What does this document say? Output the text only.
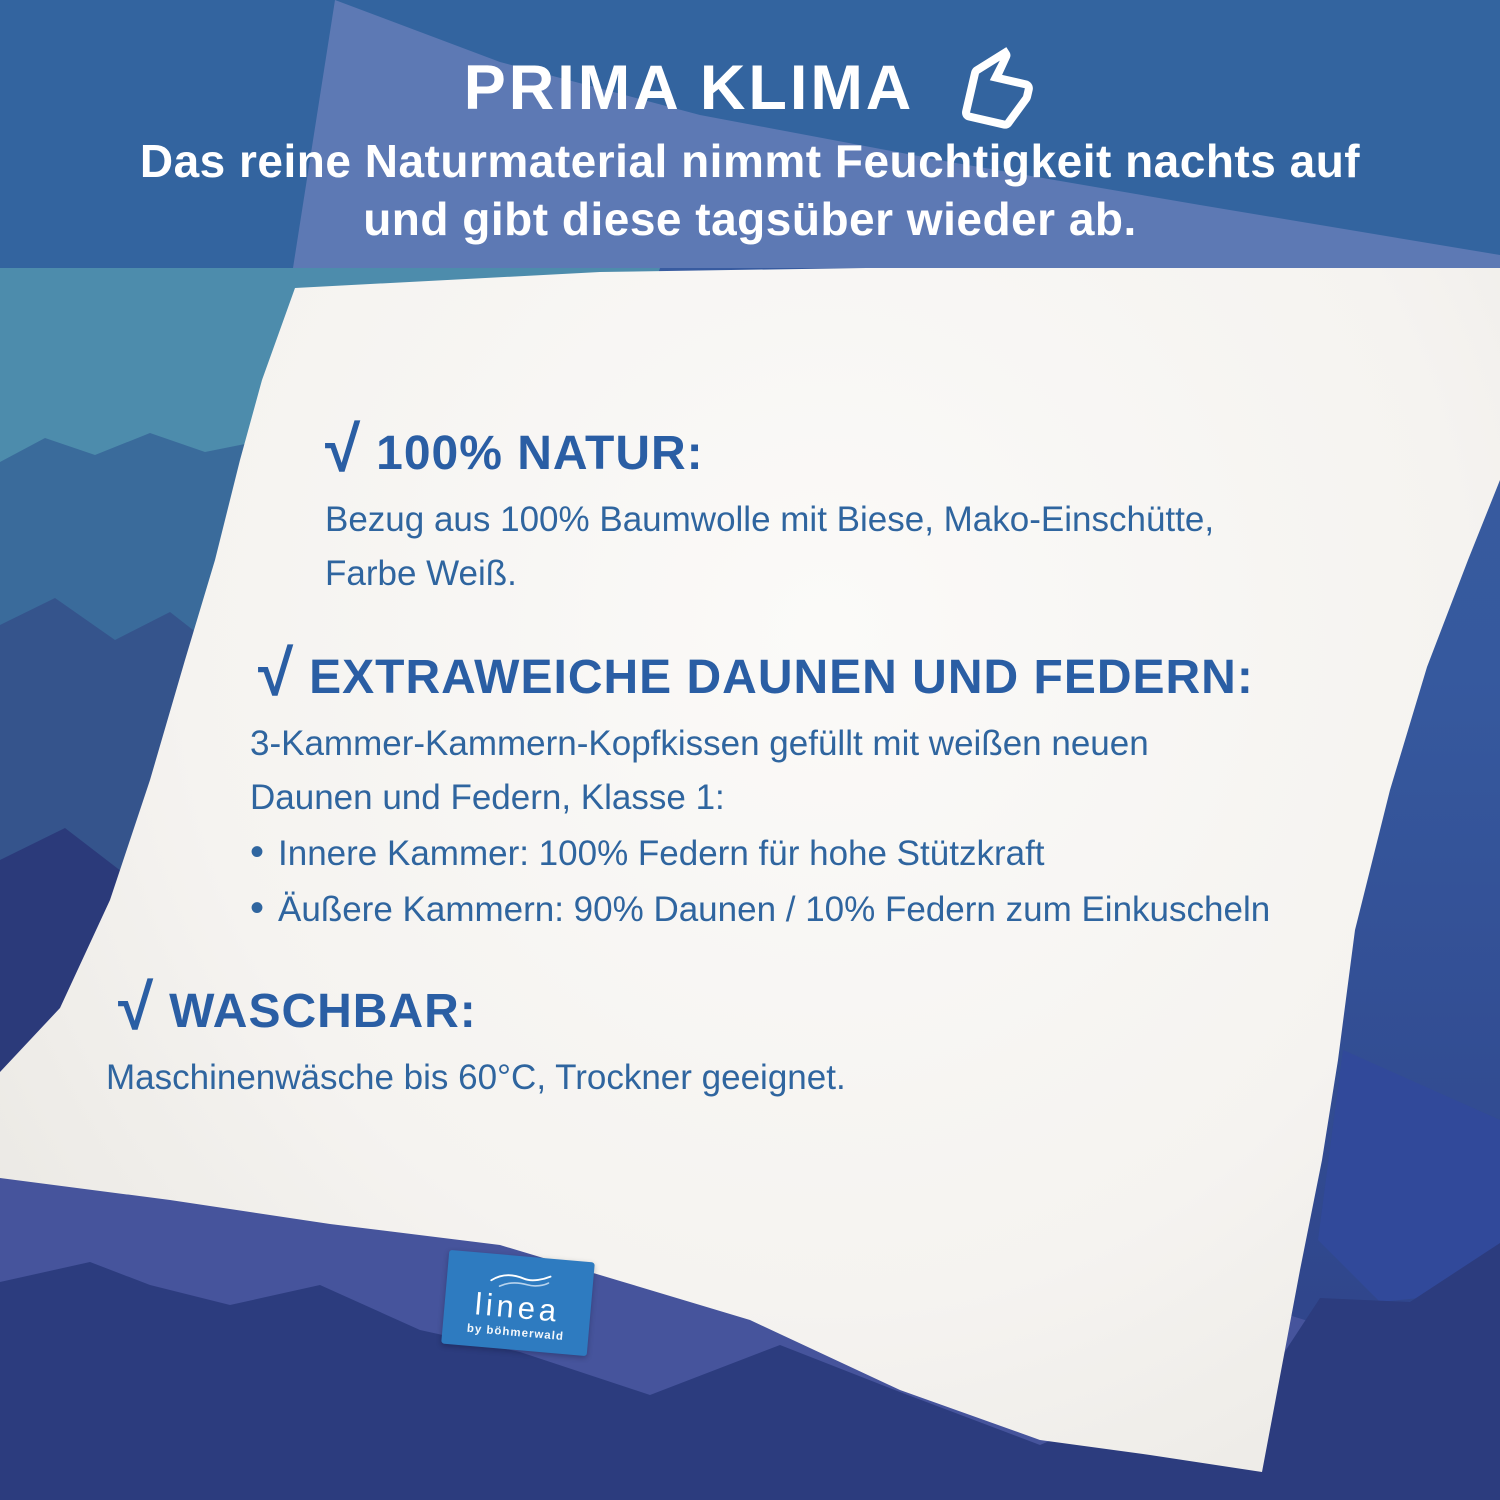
linea
by böhmerwald
√ 100% NATUR:
Bezug aus 100% Baumwolle mit Biese, Mako-Einschütte,
Farbe Weiß.
√ EXTRAWEICHE DAUNEN UND FEDERN:
3-Kammer-Kammern-Kopfkissen gefüllt mit weißen neuen
Daunen und Federn, Klasse 1:
• Innere Kammer: 100% Federn für hohe Stützkraft
• Äußere Kammern: 90% Daunen / 10% Federn zum Einkuscheln
√ WASCHBAR:
Maschinenwäsche bis 60°C, Trockner geeignet.
PRIMA KLIMA
Das reine Naturmaterial nimmt Feuchtigkeit nachts auf
und gibt diese tagsüber wieder ab.
